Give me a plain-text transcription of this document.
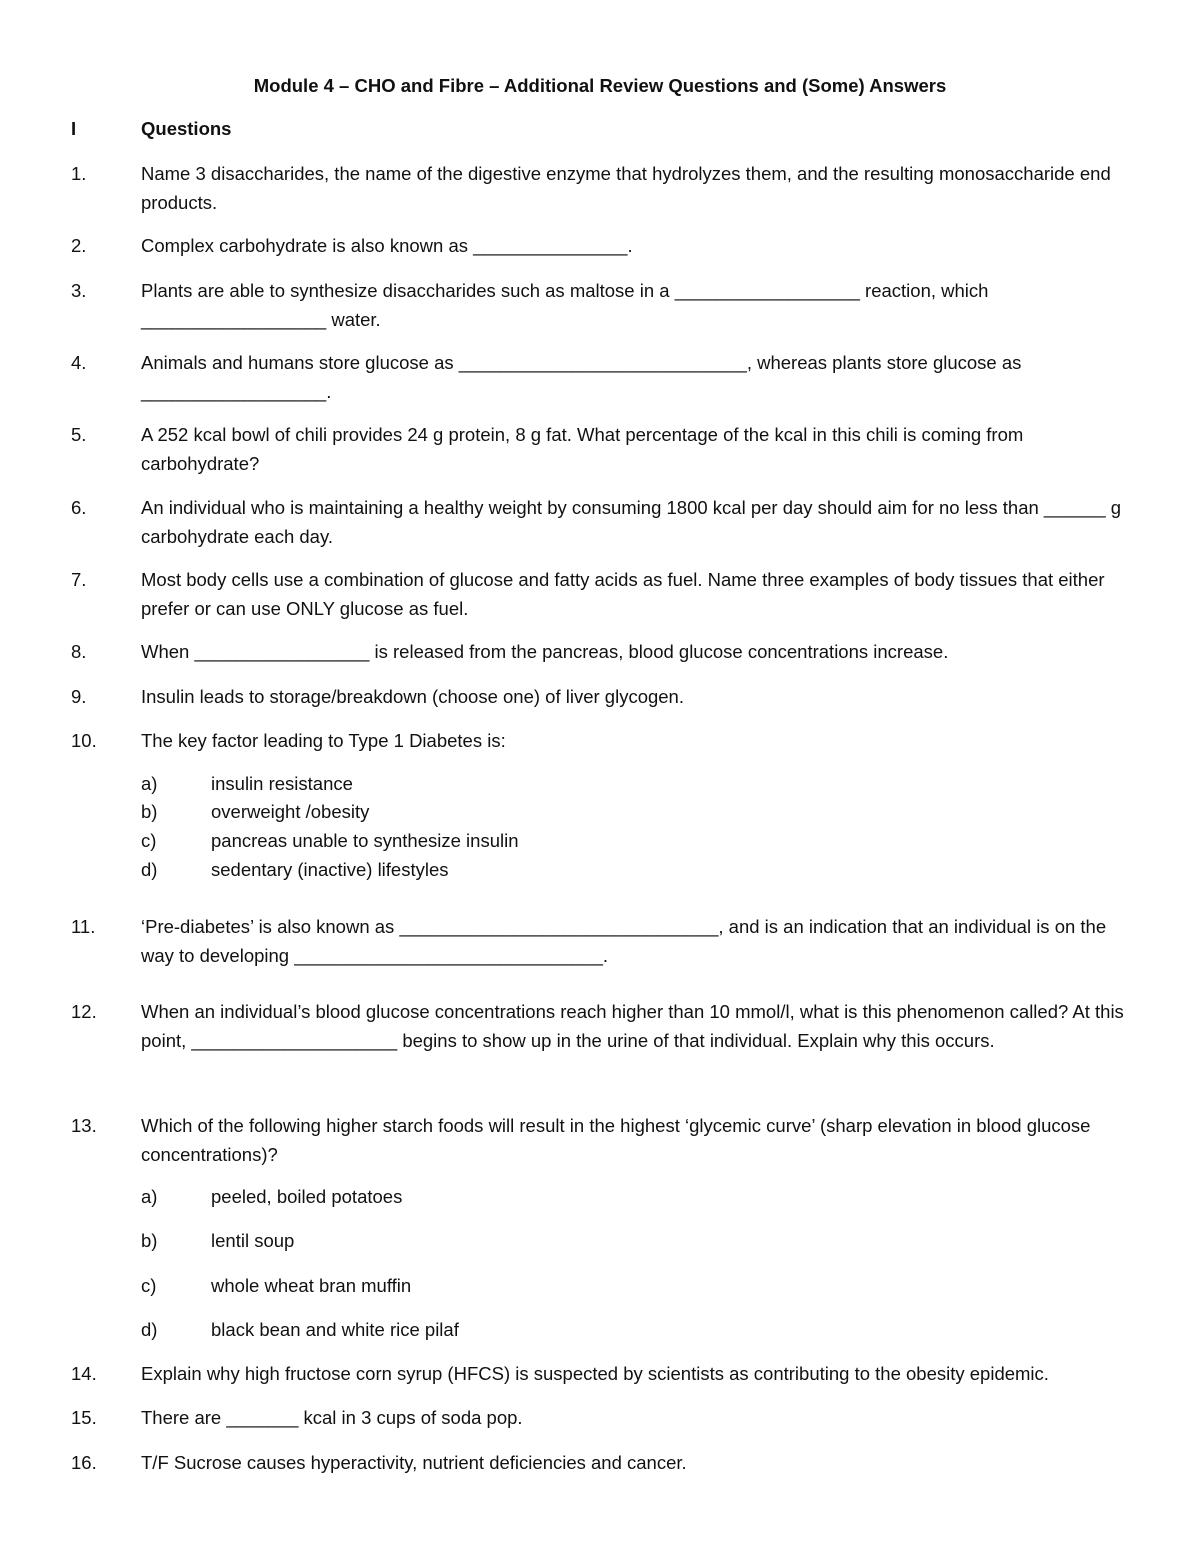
Module 4 – CHO and Fibre – Additional Review Questions and (Some) Answers
I	Questions
1.	Name 3 disaccharides, the name of the digestive enzyme that hydrolyzes them, and the resulting monosaccharide end products.
2.	Complex carbohydrate is also known as _______________.
3.	Plants are able to synthesize disaccharides such as maltose in a __________________ reaction, which __________________ water.
4.	Animals and humans store glucose as ____________________________, whereas plants store glucose as __________________.
5.	A 252 kcal bowl of chili provides 24 g protein, 8 g fat. What percentage of the kcal in this chili is coming from carbohydrate?
6.	An individual who is maintaining a healthy weight by consuming 1800 kcal per day should aim for no less than ______ g carbohydrate each day.
7.	Most body cells use a combination of glucose and fatty acids as fuel. Name three examples of body tissues that either prefer or can use ONLY glucose as fuel.
8.	When _________________ is released from the pancreas, blood glucose concentrations increase.
9.	Insulin leads to storage/breakdown (choose one) of liver glycogen.
10.	The key factor leading to Type 1 Diabetes is:
a)	insulin resistance
b)	overweight /obesity
c)	pancreas unable to synthesize insulin
d)	sedentary (inactive) lifestyles
11.	‘Pre-diabetes’ is also known as _______________________________, and is an indication that an individual is on the way to developing ______________________________.
12.	When an individual’s blood glucose concentrations reach higher than 10 mmol/l, what is this phenomenon called? At this point, ____________________ begins to show up in the urine of that individual. Explain why this occurs.
13.	Which of the following higher starch foods will result in the highest ‘glycemic curve’ (sharp elevation in blood glucose concentrations)?
a)	peeled, boiled potatoes
b)	lentil soup
c)	whole wheat bran muffin
d)	black bean and white rice pilaf
14.	Explain why high fructose corn syrup (HFCS) is suspected by scientists as contributing to the obesity epidemic.
15.	There are _______ kcal in 3 cups of soda pop.
16.	T/F Sucrose causes hyperactivity, nutrient deficiencies and cancer.
